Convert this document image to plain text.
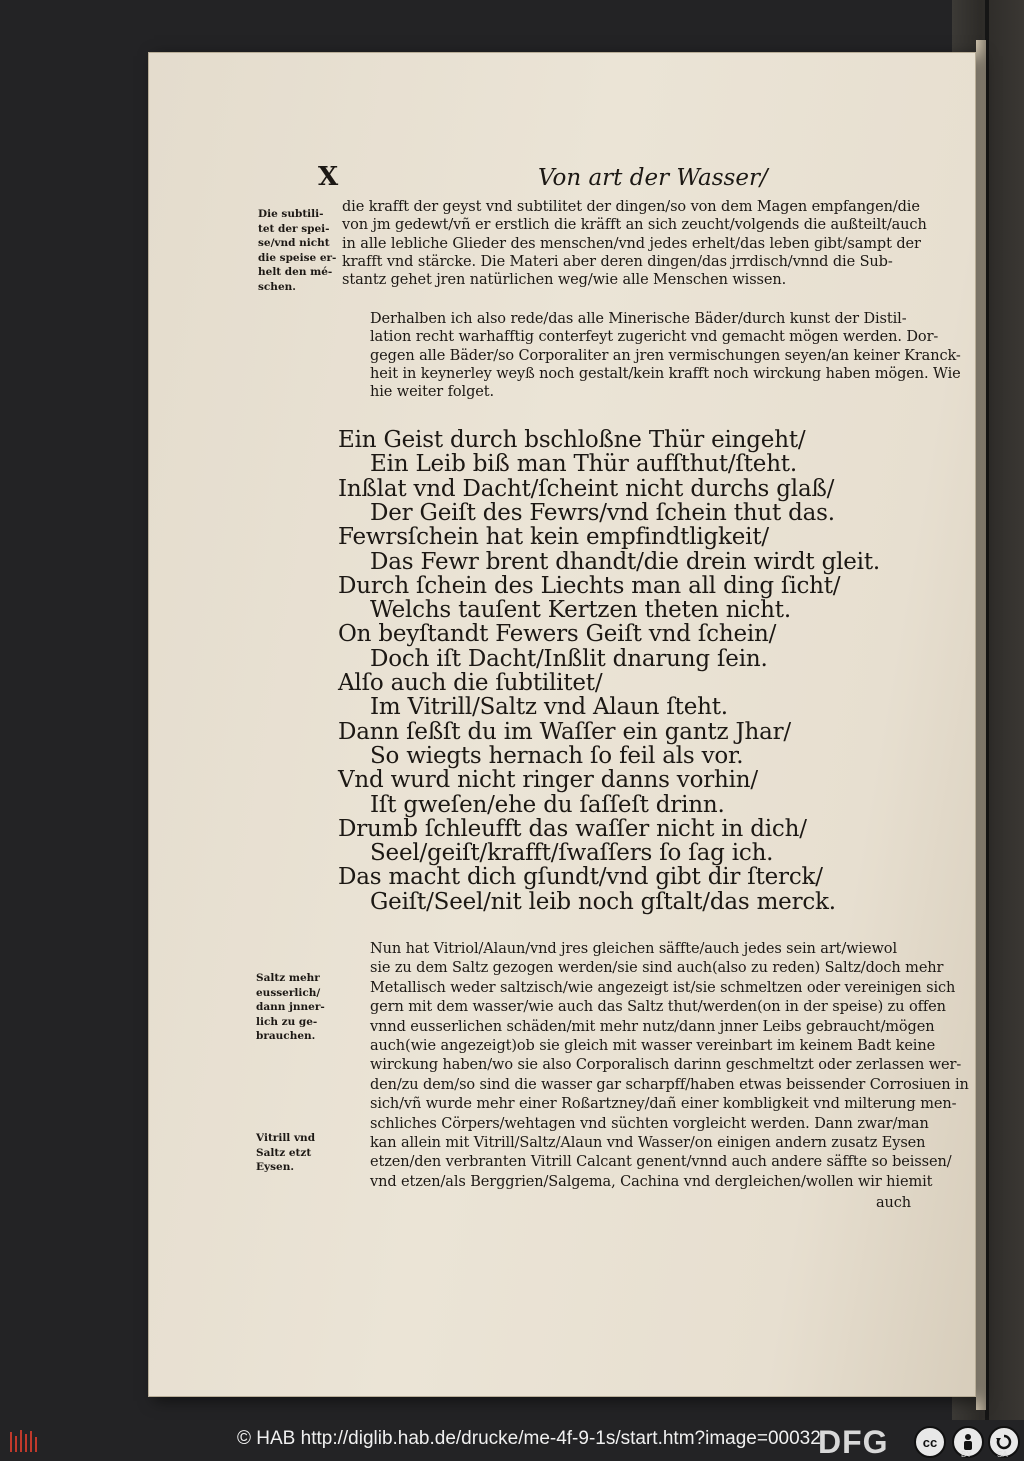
X	Von art der Wasser/
die krafft der geyst vnd subtilitet der dingen/so von dem Magen empfangen/die
von jm gedewt/vñ er erstlich die kräfft an sich zeucht/volgends die außteilt/auch
in alle lebliche Glieder des menschen/vnd jedes erhelt/das leben gibt/sampt der
krafft vnd stärcke. Die Materi aber deren dingen/das jrrdisch/vnnd die Sub-
stantz gehet jren natürlichen weg/wie alle Menschen wissen.
Die subtili-
tet der spei-
se/vnd nicht
die speise er-
helt den mé-
schen.
Derhalben ich also rede/das alle Minerische Bäder/durch kunst der Distil-
lation recht warhafftig conterfeyt zugericht vnd gemacht mögen werden. Dor-
gegen alle Bäder/so Corporaliter an jren vermischungen seyen/an keiner Kranck-
heit in keynerley weyß noch gestalt/kein krafft noch wirckung haben mögen. Wie
hie weiter folget.
Ein Geist durch bschloßne Thür eingeht/
Ein Leib biß man Thür aufſthut/ſteht.
Inßlat vnd Dacht/ſcheint nicht durchs glaß/
Der Geiſt des Fewrs/vnd ſchein thut das.
Fewrsſchein hat kein empfindtligkeit/
Das Fewr brent dhandt/die drein wirdt gleit.
Durch ſchein des Liechts man all ding ſicht/
Welchs tauſent Kertzen theten nicht.
On beyſtandt Fewers Geiſt vnd ſchein/
Doch iſt Dacht/Inßlit dnarung ſein.
Alſo auch die ſubtilitet/
Im Vitrill/Saltz vnd Alaun ſteht.
Dann ſeßſt du im Waſſer ein gantz Jhar/
So wiegts hernach ſo feil als vor.
Vnd wurd nicht ringer danns vorhin/
Iſt gweſen/ehe du ſaſſeſt drinn.
Drumb ſchleufft das waſſer nicht in dich/
Seel/geiſt/krafft/ſwaſſers ſo ſag ich.
Das macht dich gſundt/vnd gibt dir ſterck/
Geiſt/Seel/nit leib noch gſtalt/das merck.
Nun hat Vitriol/Alaun/vnd jres gleichen säffte/auch jedes sein art/wiewol
sie zu dem Saltz gezogen werden/sie sind auch(also zu reden) Saltz/doch mehr
Metallisch weder saltzisch/wie angezeigt ist/sie schmeltzen oder vereinigen sich
gern mit dem wasser/wie auch das Saltz thut/werden(on in der speise) zu offen
vnnd eusserlichen schäden/mit mehr nutz/dann jnner Leibs gebraucht/mögen
auch(wie angezeigt)ob sie gleich mit wasser vereinbart im keinem Badt keine
wirckung haben/wo sie also Corporalisch darinn geschmeltzt oder zerlassen wer-
den/zu dem/so sind die wasser gar scharpff/haben etwas beissender Corrosiuen in
sich/vñ wurde mehr einer Roßartzney/dañ einer kombligkeit vnd milterung men-
schliches Cörpers/wehtagen vnd süchten vorgleicht werden. Dann zwar/man
kan allein mit Vitrill/Saltz/Alaun vnd Wasser/on einigen andern zusatz Eysen
etzen/den verbranten Vitrill Calcant genent/vnnd auch andere säffte so beissen/
vnd etzen/als Berggrien/Salgema, Cachina vnd dergleichen/wollen wir hiemit
Saltz mehr
eusserlich/
dann jnner-
lich zu ge-
brauchen.
Vitrill vnd
Saltz etzt
Eysen.
auch
© HAB http://diglib.hab.de/drucke/me-4f-9-1s/start.htm?image=00032
DFG	cc
BY	SA
